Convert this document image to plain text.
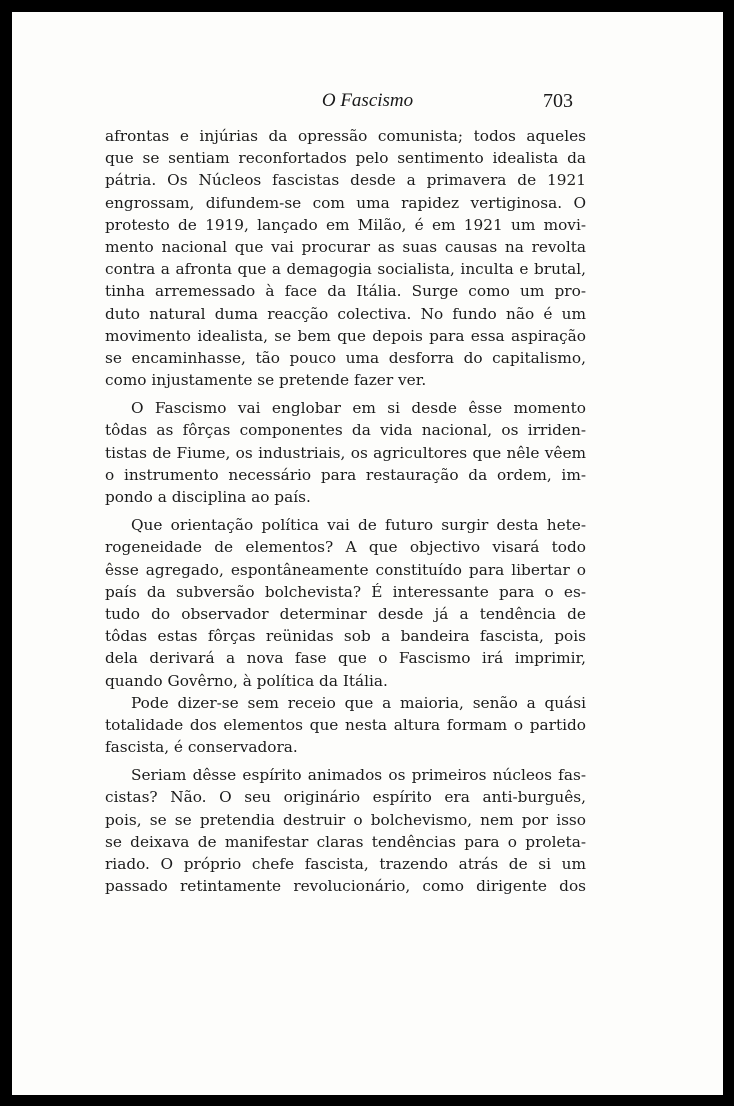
O Fascismo	703
afrontas e injúrias da opressão comunista; todos aqueles
que se sentiam reconfortados pelo sentimento idealista da
pátria. Os Núcleos fascistas desde a primavera de 1921
engrossam, difundem-se com uma rapidez vertiginosa. O
protesto de 1919, lançado em Milão, é em 1921 um movi-
mento nacional que vai procurar as suas causas na revolta
contra a afronta que a demagogia socialista, inculta e brutal,
tinha arremessado à face da Itália. Surge como um pro-
duto natural duma reacção colectiva. No fundo não é um
movimento idealista, se bem que depois para essa aspiração
se encaminhasse, tão pouco uma desforra do capitalismo,
como injustamente se pretende fazer ver.
O Fascismo vai englobar em si desde êsse momento
tôdas as fôrças componentes da vida nacional, os irriden-
tistas de Fiume, os industriais, os agricultores que nêle vêem
o instrumento necessário para restauração da ordem, im-
pondo a disciplina ao país.
Que orientação política vai de futuro surgir desta hete-
rogeneidade de elementos? A que objectivo visará todo
êsse agregado, espontâneamente constituído para libertar o
país da subversão bolchevista? É interessante para o es-
tudo do observador determinar desde já a tendência de
tôdas estas fôrças reünidas sob a bandeira fascista, pois
dela derivará a nova fase que o Fascismo irá imprimir,
quando Govêrno, à política da Itália.
Pode dizer-se sem receio que a maioria, senão a quási
totalidade dos elementos que nesta altura formam o partido
fascista, é conservadora.
Seriam dêsse espírito animados os primeiros núcleos fas-
cistas? Não. O seu originário espírito era anti-burguês,
pois, se se pretendia destruir o bolchevismo, nem por isso
se deixava de manifestar claras tendências para o proleta-
riado. O próprio chefe fascista, trazendo atrás de si um
passado retintamente revolucionário, como dirigente dos
